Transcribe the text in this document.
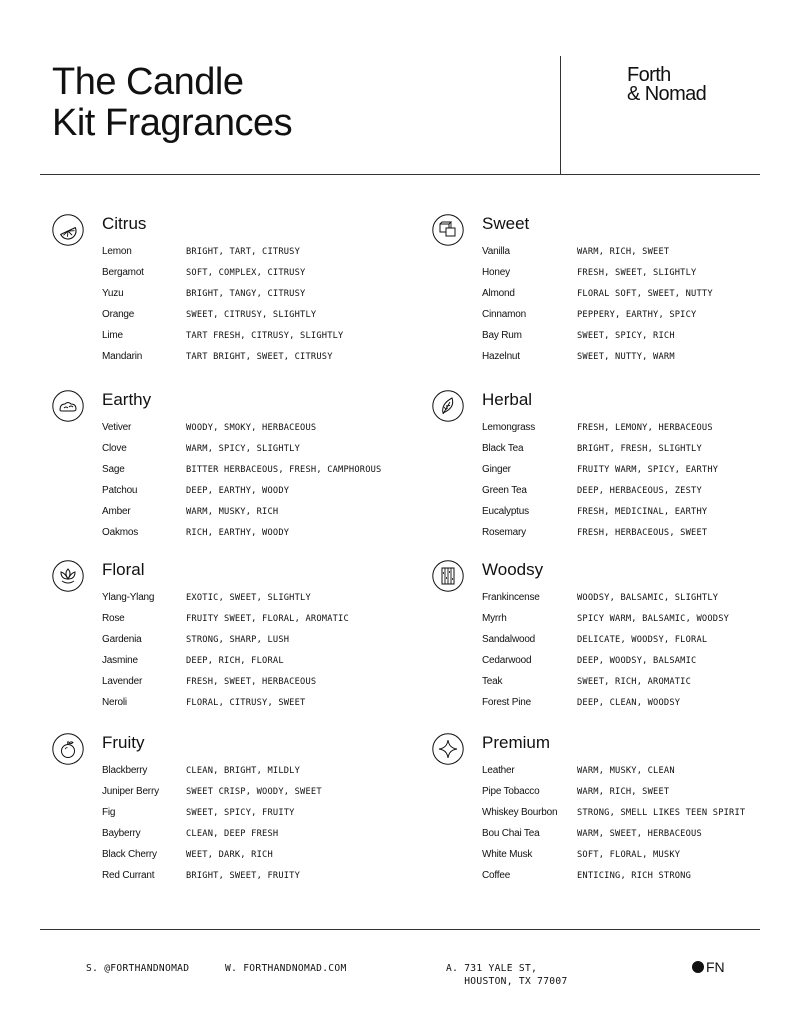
The Candle
Kit Fragrances
Forth
& Nomad
Citrus
Lemon	BRIGHT, TART, CITRUSY
Bergamot	SOFT, COMPLEX, CITRUSY
Yuzu	BRIGHT, TANGY, CITRUSY
Orange	SWEET, CITRUSY, SLIGHTLY
Lime	TART FRESH, CITRUSY, SLIGHTLY
Mandarin	TART BRIGHT, SWEET, CITRUSY
Sweet
Vanilla	WARM, RICH, SWEET
Honey	FRESH, SWEET, SLIGHTLY
Almond	FLORAL SOFT, SWEET, NUTTY
Cinnamon	PEPPERY, EARTHY, SPICY
Bay Rum	SWEET, SPICY, RICH
Hazelnut	SWEET, NUTTY, WARM
Earthy
Vetiver	WOODY, SMOKY, HERBACEOUS
Clove	WARM, SPICY, SLIGHTLY
Sage	BITTER HERBACEOUS, FRESH, CAMPHOROUS
Patchou	DEEP, EARTHY, WOODY
Amber	WARM, MUSKY, RICH
Oakmos	RICH, EARTHY, WOODY
Herbal
Lemongrass	FRESH, LEMONY, HERBACEOUS
Black Tea	BRIGHT, FRESH, SLIGHTLY
Ginger	FRUITY WARM, SPICY, EARTHY
Green Tea	DEEP, HERBACEOUS, ZESTY
Eucalyptus	FRESH, MEDICINAL, EARTHY
Rosemary	FRESH, HERBACEOUS, SWEET
Floral
Ylang-Ylang	EXOTIC, SWEET, SLIGHTLY
Rose	FRUITY SWEET, FLORAL, AROMATIC
Gardenia	STRONG, SHARP, LUSH
Jasmine	DEEP, RICH, FLORAL
Lavender	FRESH, SWEET, HERBACEOUS
Neroli	FLORAL, CITRUSY, SWEET
Woodsy
Frankincense	WOODSY, BALSAMIC, SLIGHTLY
Myrrh	SPICY WARM, BALSAMIC, WOODSY
Sandalwood	DELICATE, WOODSY, FLORAL
Cedarwood	DEEP, WOODSY, BALSAMIC
Teak	SWEET, RICH, AROMATIC
Forest Pine	DEEP, CLEAN, WOODSY
Fruity
Blackberry	CLEAN, BRIGHT, MILDLY
Juniper Berry	SWEET CRISP, WOODY, SWEET
Fig	SWEET, SPICY, FRUITY
Bayberry	CLEAN, DEEP FRESH
Black Cherry	WEET, DARK, RICH
Red Currant	BRIGHT, SWEET, FRUITY
Premium
Leather	WARM, MUSKY, CLEAN
Pipe Tobacco	WARM, RICH, SWEET
Whiskey Bourbon STRONG, SMELL LIKES TEEN SPIRIT
Bou Chai Tea	WARM, SWEET, HERBACEOUS
White Musk	SOFT, FLORAL, MUSKY
Coffee	ENTICING, RICH STRONG
S. @FORTHANDNOMAD	W. FORTHANDNOMAD.COM	A. 731 YALE ST,
HOUSTON, TX 77007
FN
